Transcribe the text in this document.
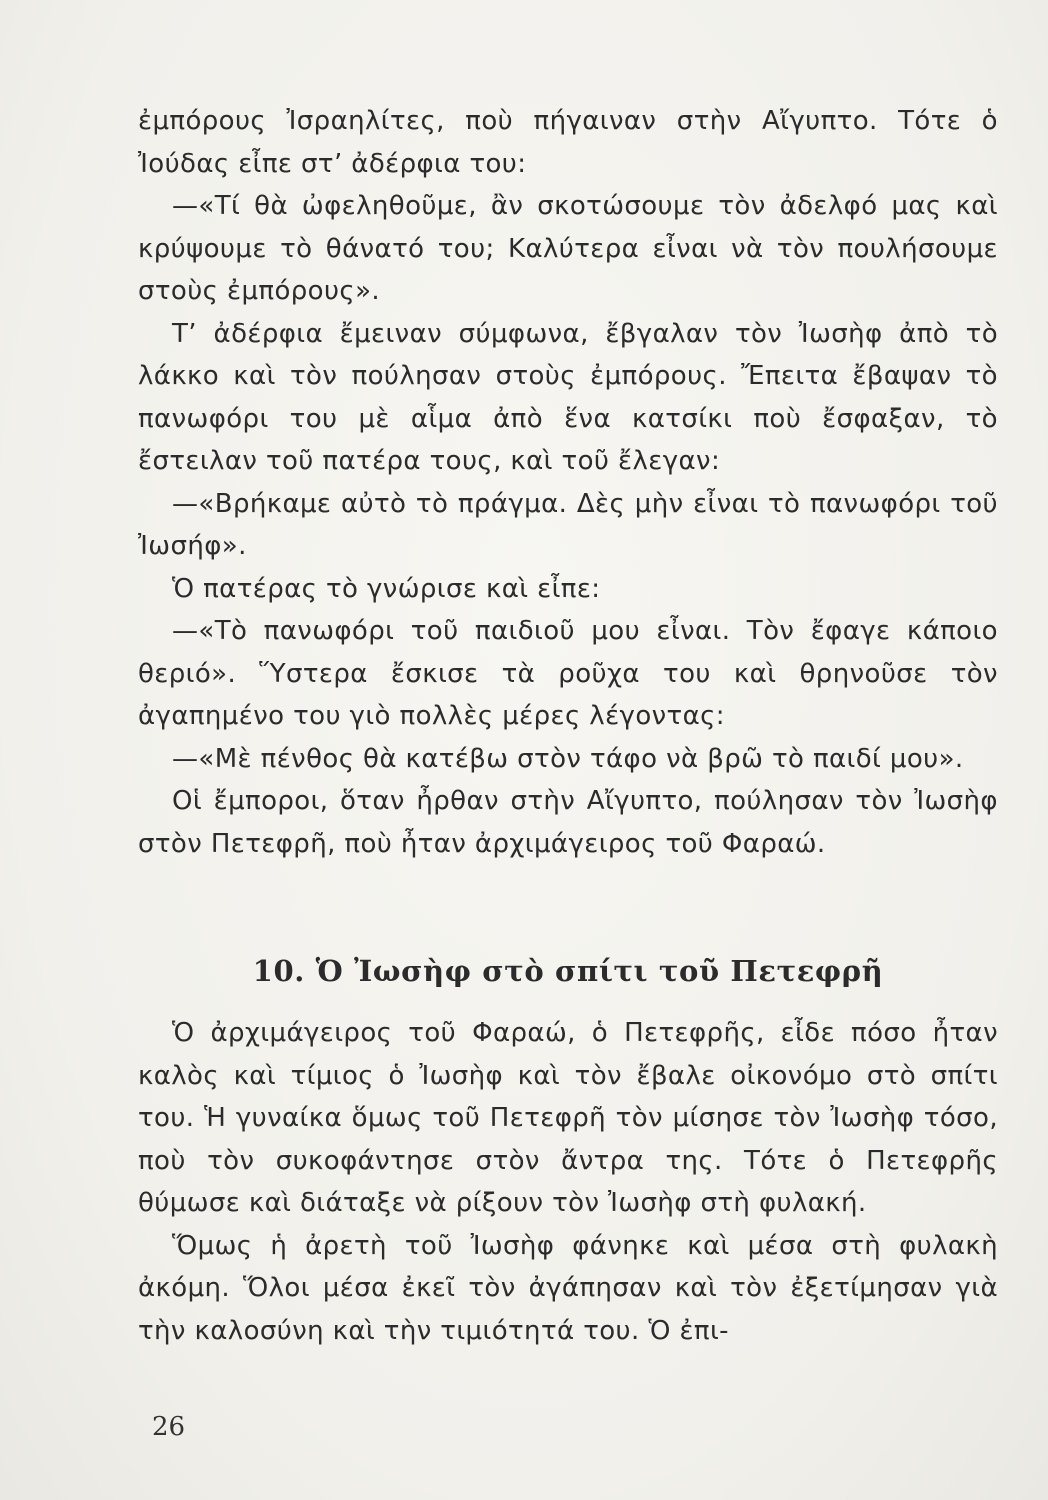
ἐμπόρους Ἰσραηλίτες, ποὺ πήγαιναν στὴν Αἴγυπτο. Τότε ὁ Ἰούδας εἶπε στ’ ἀδέρφια του:

—«Τί θὰ ὠφεληθοῦμε, ἂν σκοτώσουμε τὸν ἀδελφό μας καὶ κρύψουμε τὸ θάνατό του; Καλύτερα εἶναι νὰ τὸν πουλήσουμε στοὺς ἐμπόρους».

Τ’ ἀδέρφια ἔμειναν σύμφωνα, ἔβγαλαν τὸν Ἰωσὴφ ἀπὸ τὸ λάκκο καὶ τὸν πούλησαν στοὺς ἐμπόρους. Ἔπειτα ἔβαψαν τὸ πανωφόρι του μὲ αἷμα ἀπὸ ἕνα κατσίκι ποὺ ἔσφαξαν, τὸ ἔστειλαν τοῦ πατέρα τους, καὶ τοῦ ἔλεγαν:

—«Βρήκαμε αὐτὸ τὸ πράγμα. Δὲς μὴν εἶναι τὸ πανωφόρι τοῦ Ἰωσήφ».

Ὁ πατέρας τὸ γνώρισε καὶ εἶπε:

—«Τὸ πανωφόρι τοῦ παιδιοῦ μου εἶναι. Τὸν ἔφαγε κάποιο θεριό». Ὕστερα ἔσκισε τὰ ροῦχα του καὶ θρηνοῦσε τὸν ἀγαπημένο του γιὸ πολλὲς μέρες λέγοντας:

—«Μὲ πένθος θὰ κατέβω στὸν τάφο νὰ βρῶ τὸ παιδί μου».

Οἱ ἔμποροι, ὅταν ἦρθαν στὴν Αἴγυπτο, πούλησαν τὸν Ἰωσὴφ στὸν Πετεφρῆ, ποὺ ἦταν ἀρχιμάγειρος τοῦ Φαραώ.

10. Ὁ Ἰωσὴφ στὸ σπίτι τοῦ Πετεφρῆ

Ὁ ἀρχιμάγειρος τοῦ Φαραώ, ὁ Πετεφρῆς, εἶδε πόσο ἦταν καλὸς καὶ τίμιος ὁ Ἰωσὴφ καὶ τὸν ἔβαλε οἰκονόμο στὸ σπίτι του. Ἡ γυναίκα ὅμως τοῦ Πετεφρῆ τὸν μίσησε τὸν Ἰωσὴφ τόσο, ποὺ τὸν συκοφάντησε στὸν ἄντρα της. Τότε ὁ Πετεφρῆς θύμωσε καὶ διάταξε νὰ ρίξουν τὸν Ἰωσὴφ στὴ φυλακή.

Ὅμως ἡ ἀρετὴ τοῦ Ἰωσὴφ φάνηκε καὶ μέσα στὴ φυλακὴ ἀκόμη. Ὅλοι μέσα ἐκεῖ τὸν ἀγάπησαν καὶ τὸν ἐξετίμησαν γιὰ τὴν καλοσύνη καὶ τὴν τιμιότητά του. Ὁ ἐπι-

26
